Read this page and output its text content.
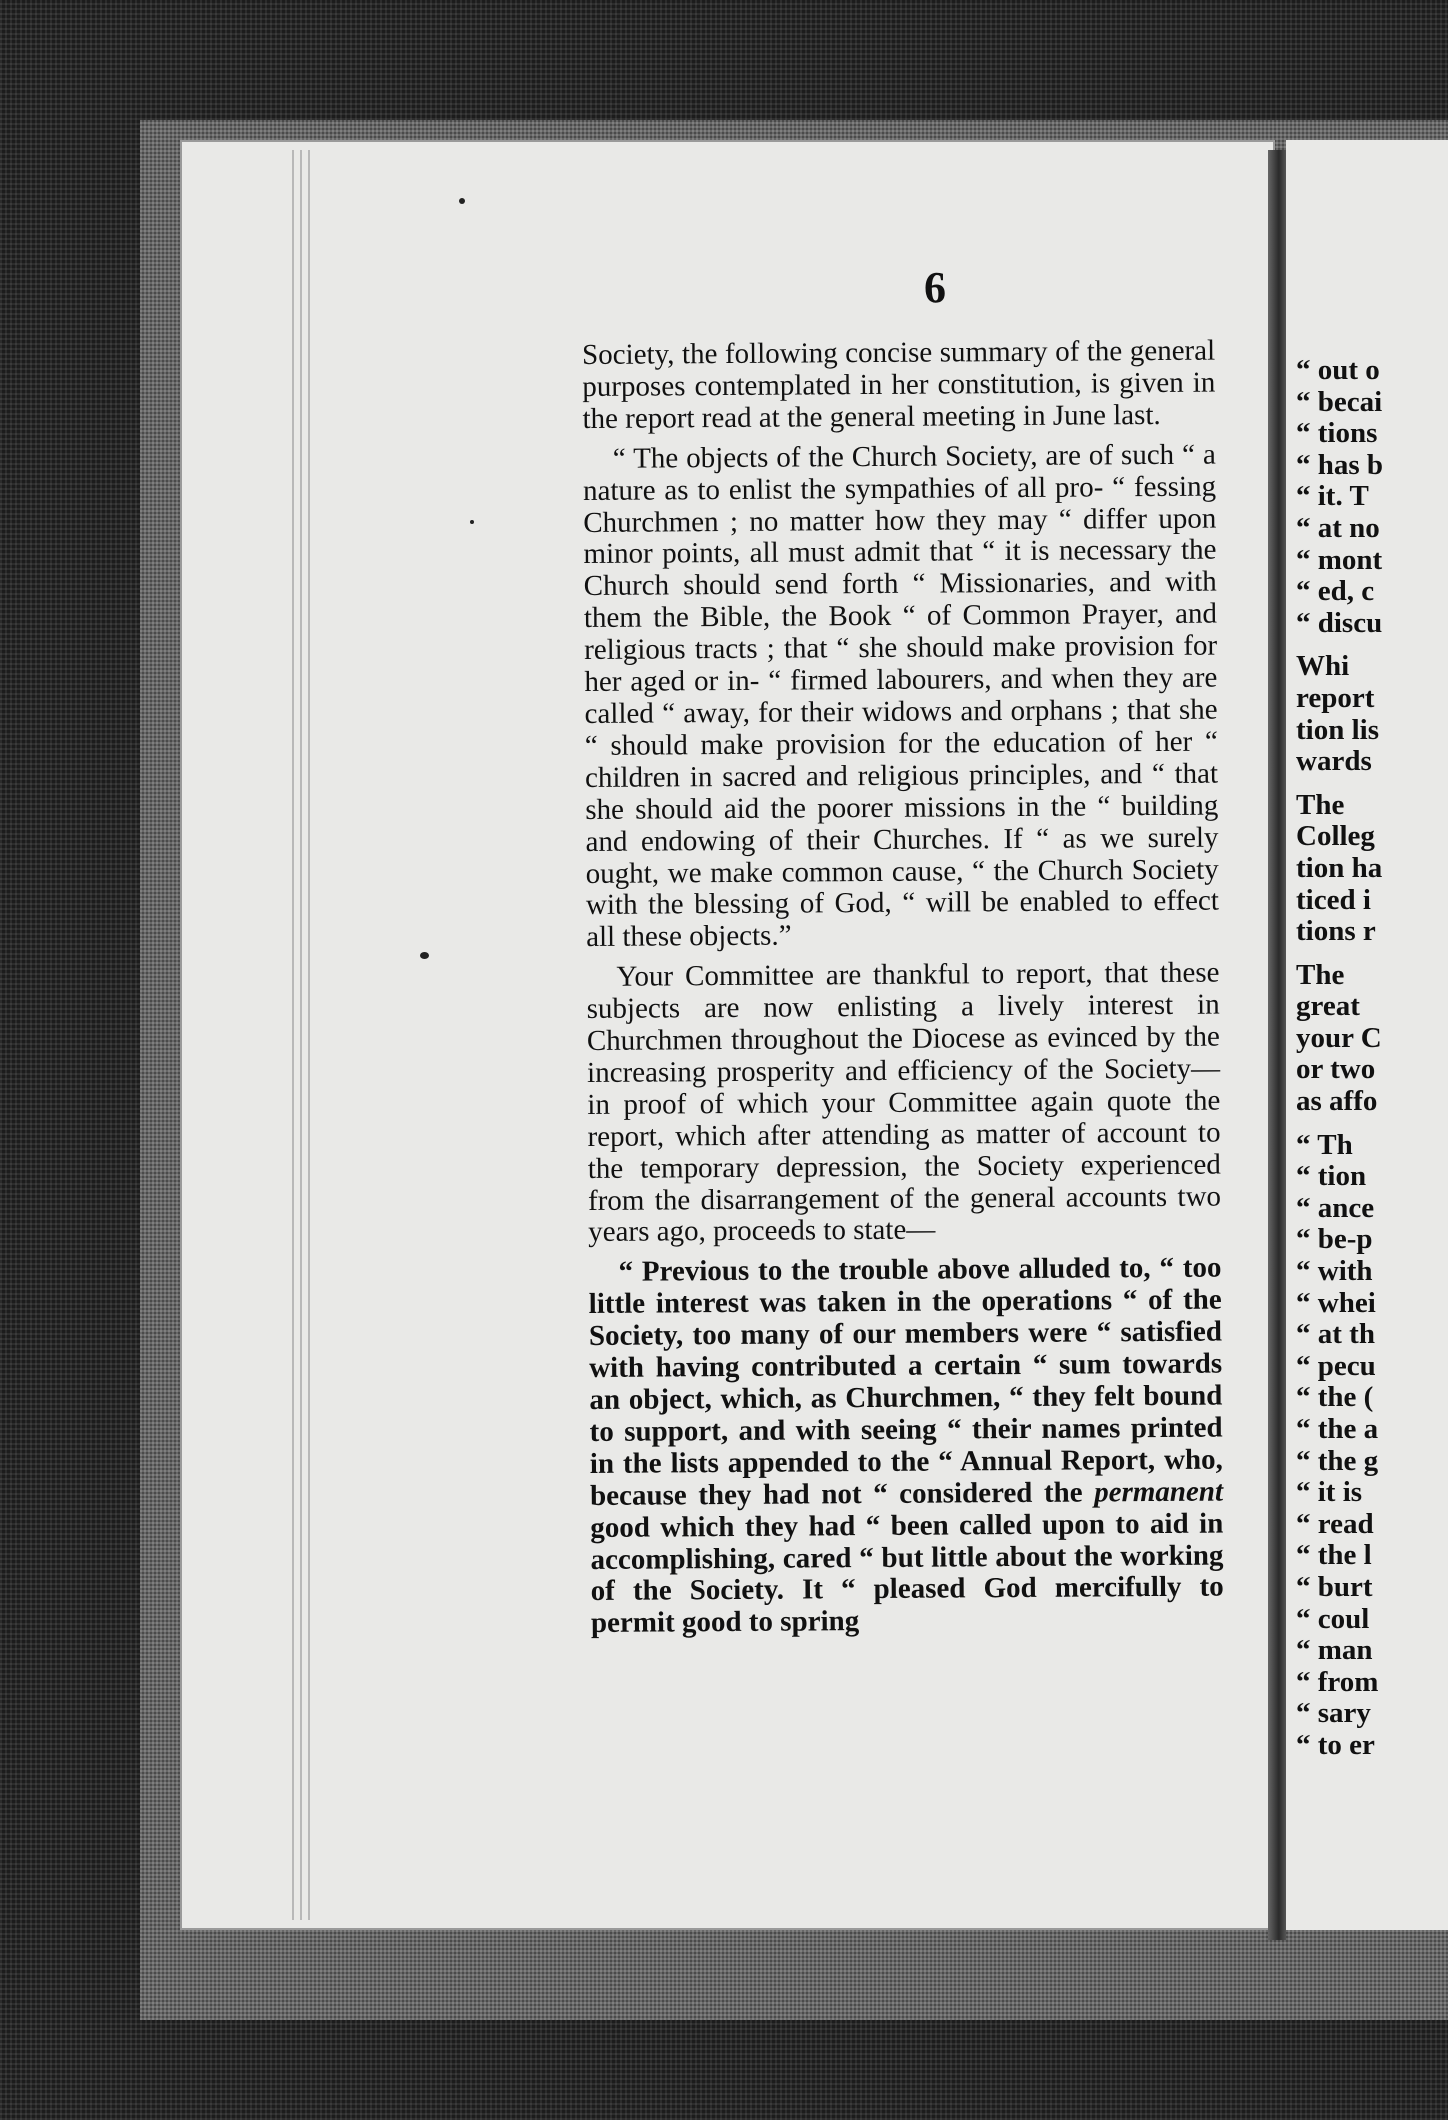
6

Society, the following concise summary of the general purposes contemplated in her constitution, is given in the report read at the general meeting in June last.

“ The objects of the Church Society, are of such “ a nature as to enlist the sympathies of all pro- “ fessing Churchmen ; no matter how they may “ differ upon minor points, all must admit that “ it is necessary the Church should send forth “ Missionaries, and with them the Bible, the Book “ of Common Prayer, and religious tracts ; that “ she should make provision for her aged or in- “ firmed labourers, and when they are called “ away, for their widows and orphans ; that she “ should make provision for the education of her “ children in sacred and religious principles, and “ that she should aid the poorer missions in the “ building and endowing of their Churches. If “ as we surely ought, we make common cause, “ the Church Society with the blessing of God, “ will be enabled to effect all these objects.”

Your Committee are thankful to report, that these subjects are now enlisting a lively interest in Churchmen throughout the Diocese as evinced by the increasing prosperity and efficiency of the Society—in proof of which your Committee again quote the report, which after attending as matter of account to the temporary depression, the Society experienced from the disarrangement of the general accounts two years ago, proceeds to state—

“ Previous to the trouble above alluded to, “ too little interest was taken in the operations “ of the Society, too many of our members were “ satisfied with having contributed a certain “ sum towards an object, which, as Churchmen, “ they felt bound to support, and with seeing “ their names printed in the lists appended to the “ Annual Report, who, because they had not “ considered the permanent good which they had “ been called upon to aid in accomplishing, cared “ but little about the working of the Society. It “ pleased God mercifully to permit good to spring

“ out o
“ becai
“ tions
“ has b
“ it. T
“ at no
“ mont
“ ed, c
“ discu
Whi
report
tion lis
wards
The
Colleg
tion ha
ticed i
tions r
The
great
your C
or two
as affo
“ Th
“ tion
“ ance
“ be-p
“ with
“ whei
“ at th
“ pecu
“ the (
“ the a
“ the g
“ it is
“ read
“ the l
“ burt
“ coul
“ man
“ from
“ sary
“ to er
